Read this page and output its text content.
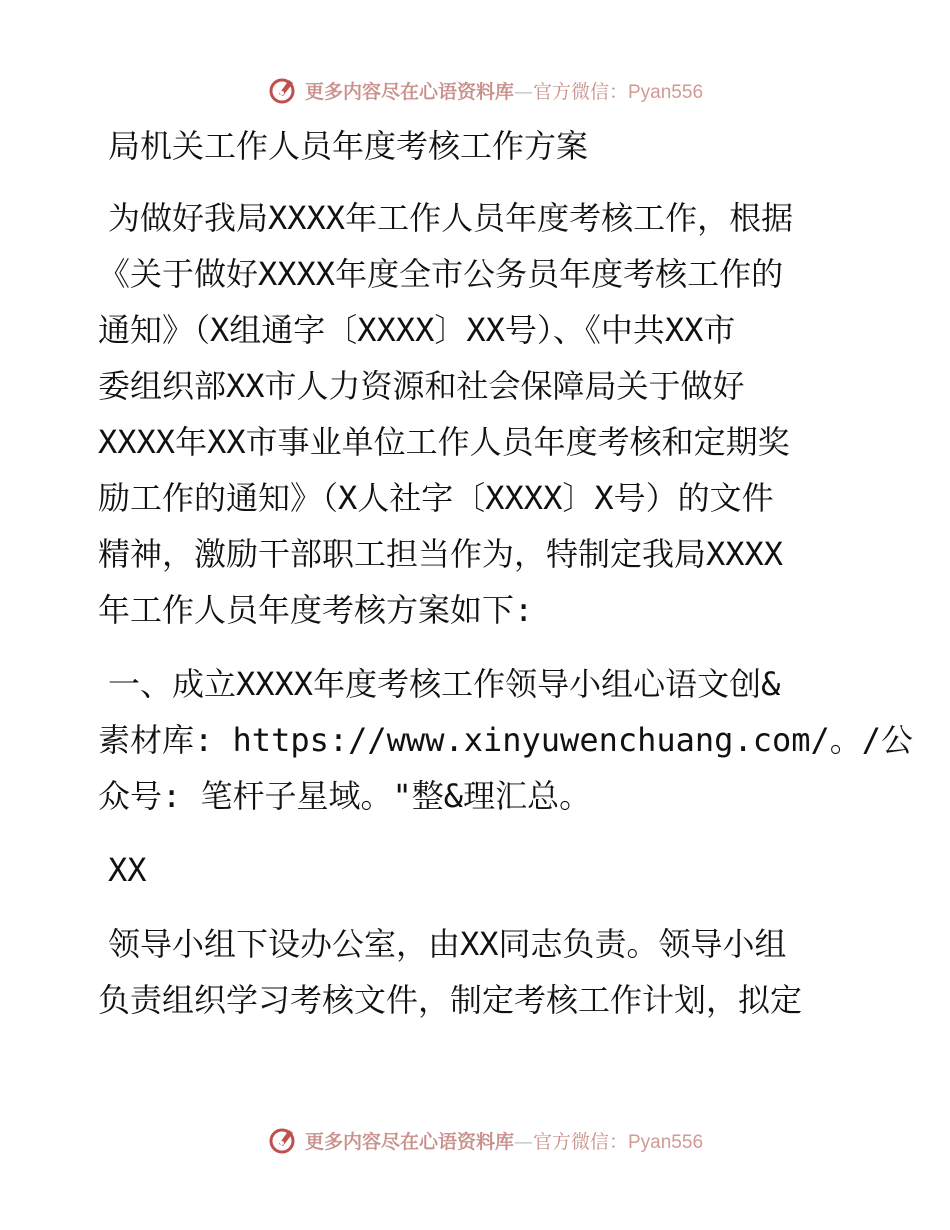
更多内容尽在心语资料库—官方微信：Pyan556
局机关工作人员年度考核工作方案
为做好我局XXXX年工作人员年度考核工作，根据
《关于做好XXXX年度全市公务员年度考核工作的
通知》（X组通字〔XXXX〕XX号）、《中共XX市
委组织部XX市人力资源和社会保障局关于做好
XXXX年XX市事业单位工作人员年度考核和定期奖
励工作的通知》（X人社字〔XXXX〕X号）的文件
精神，激励干部职工担当作为，特制定我局XXXX
年工作人员年度考核方案如下:
一、成立XXXX年度考核工作领导小组心语文创&
素材库: https://www.xinyuwenchuang.com/。/公
众号: 笔杆子星域。"整&理汇总。
XX
领导小组下设办公室，由XX同志负责。领导小组
负责组织学习考核文件，制定考核工作计划，拟定
更多内容尽在心语资料库—官方微信：Pyan556
